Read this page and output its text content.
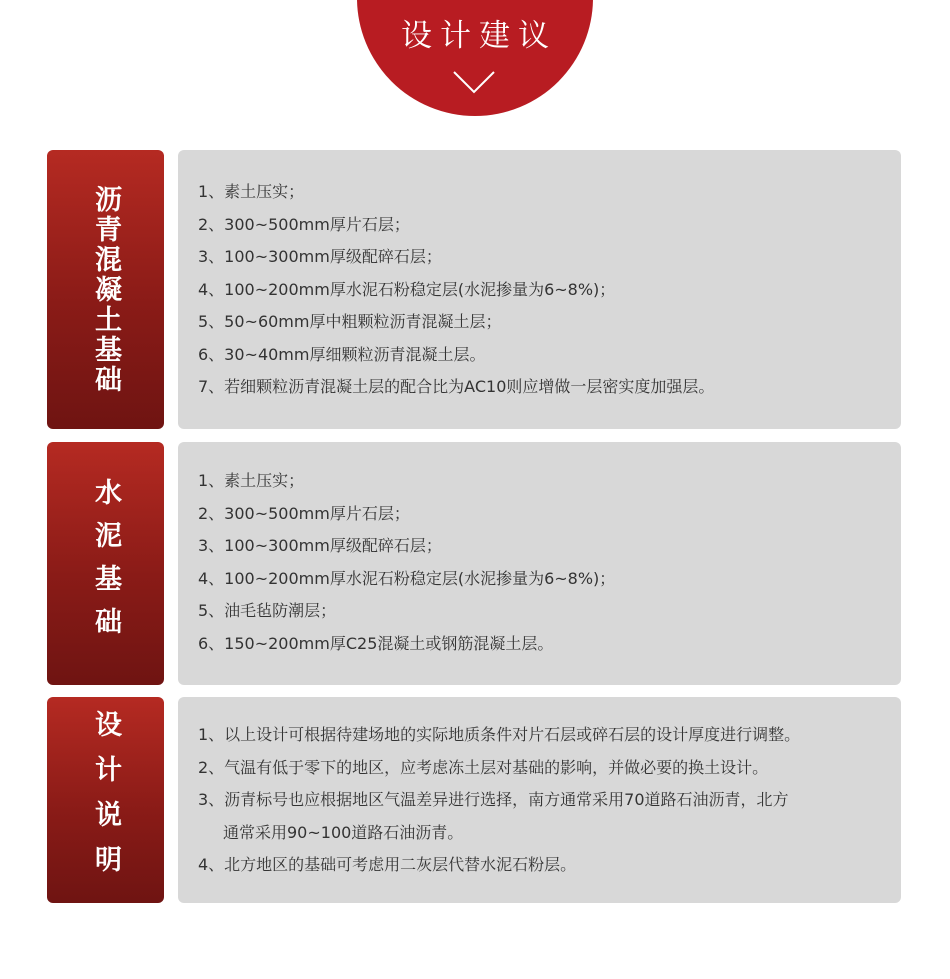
设计建议
沥青混凝土基础	1、素土压实；
2、300~500mm厚片石层；
3、100~300mm厚级配碎石层；
4、100~200mm厚水泥石粉稳定层(水泥掺量为6~8%)；
5、50~60mm厚中粗颗粒沥青混凝土层；
6、30~40mm厚细颗粒沥青混凝土层。
7、若细颗粒沥青混凝土层的配合比为AC10则应增做一层密实度加强层。
水泥基础	1、素土压实；
2、300~500mm厚片石层；
3、100~300mm厚级配碎石层；
4、100~200mm厚水泥石粉稳定层(水泥掺量为6~8%)；
5、油毛毡防潮层；
6、150~200mm厚C25混凝土或钢筋混凝土层。
设计说明	1、以上设计可根据待建场地的实际地质条件对片石层或碎石层的设计厚度进行调整。
2、气温有低于零下的地区，应考虑冻土层对基础的影响，并做必要的换土设计。
3、沥青标号也应根据地区气温差异进行选择，南方通常采用70道路石油沥青，北方
通常采用90~100道路石油沥青。
4、北方地区的基础可考虑用二灰层代替水泥石粉层。
